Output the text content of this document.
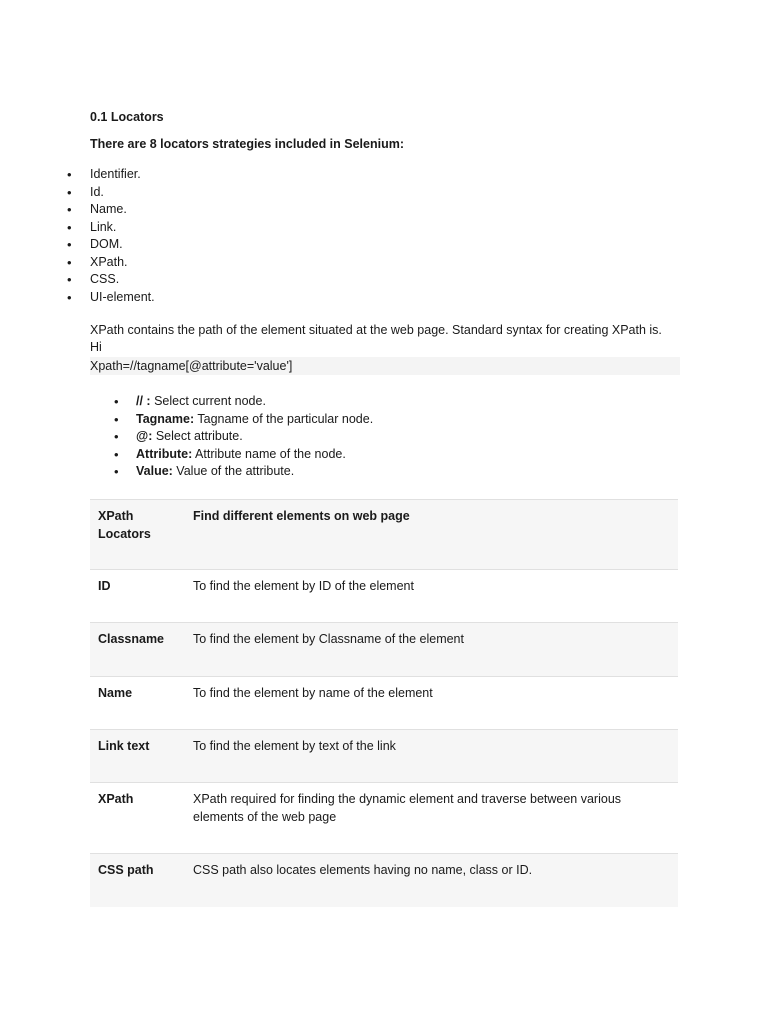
0.1 Locators
There are 8 locators strategies included in Selenium:
• Identifier.
• Id.
• Name.
• Link.
• DOM.
• XPath.
• CSS.
• UI-element.
XPath contains the path of the element situated at the web page. Standard syntax for creating XPath is.
Hi
Xpath=//tagname[@attribute='value']
• // : Select current node.
• Tagname: Tagname of the particular node.
• @: Select attribute.
• Attribute: Attribute name of the node.
• Value: Value of the attribute.
XPath
Locators	Find different elements on web page
ID	To find the element by ID of the element

Classname	To find the element by Classname of the element

Name	To find the element by name of the element

Link text	To find the element by text of the link

XPath	XPath required for finding the dynamic element and traverse between various
elements of the web page

CSS path	CSS path also locates elements having no name, class or ID.
